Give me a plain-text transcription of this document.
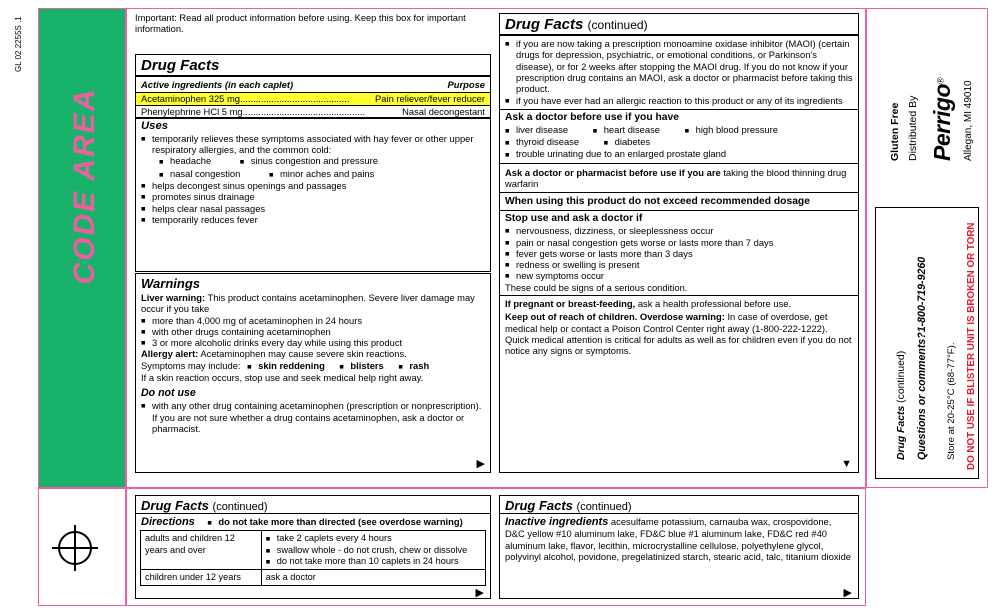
CODE AREA
GL 02 2255S .1	Important: Read all product information before using. Keep this box for important information.
Drug Facts
Active ingredients (in each caplet)	Purpose
Acetaminophen 325 mg..........................................	Pain reliever/fever reducer
Phenylephrine HCl 5 mg...............................................	Nasal decongestant
Uses
■ temporarily relieves these symptoms associated with hay fever or other upper respiratory allergies, and the common cold:
■headache ■	sinus congestion and pressure
■nasal congestion ■	minor aches and pains
■ helps decongest sinus openings and passages
■ promotes sinus drainage
■ helps clear nasal passages
■ temporarily reduces fever
Warnings
Liver warning: This product contains acetaminophen. Severe liver damage may occur if you take
■ more than 4,000 mg of acetaminophen in 24 hours
■ with other drugs containing acetaminophen
■ 3 or more alcoholic drinks every day while using this product
Allergy alert: Acetaminophen may cause severe skin reactions.
Symptoms may include: ■ skin reddening ■	blisters ■	rash
If a skin reaction occurs, stop use and seek medical help right away.
Do not use
■ with any other drug containing acetaminophen (prescription or nonprescription). If you are not sure whether a drug contains acetaminophen, ask a doctor or pharmacist.
▶
Drug Facts (continued)
■ if you are now taking a prescription monoamine oxidase inhibitor (MAOI) (certain drugs for depression, psychiatric, or emotional conditions, or Parkinson's disease), or for 2 weeks after stopping the MAOI drug. If you do not know if your prescription drug contains an MAOI, ask a doctor or pharmacist before taking this product.
■ if you have ever had an allergic reaction to this product or any of its ingredients
Ask a doctor before use if you have
■liver disease ■	heart disease ■	high blood pressure
■thyroid disease ■	diabetes
■trouble urinating due to an enlarged prostate gland
Ask a doctor or pharmacist before use if you are taking the blood thinning drug warfarin
When using this product do not exceed recommended dosage
Stop use and ask a doctor if
■ nervousness, dizziness, or sleeplessness occur
■ pain or nasal congestion gets worse or lasts more than 7 days
■ fever gets worse or lasts more than 3 days
■ redness or swelling is present
■ new symptoms occur
These could be signs of a serious condition.
If pregnant or breast-feeding, ask a health professional before use.
Keep out of reach of children. Overdose warning: In case of overdose, get medical help or contact a Poison Control Center right away (1-800-222-1222). Quick medical attention is critical for adults as well as for children even if you do not notice any signs or symptoms.
▼
Gluten Free Distributed By Perrigo®	Allegan, MI 49010
Drug Facts (continued) Questions or comments?1-800-719-9260
Store at 20-25°C (68-77°F). DO NOT USE IF BLISTER UNIT IS BROKEN OR TORN
Drug Facts (continued)
Directions ■	do not take more than directed (see overdose warning)
adults and children 12 years and over	
■take 2 caplets every 4 hours
■swallow whole - do not crush, chew or dissolve
■do not take more than 10 caplets in 24 hours

children under 12 years	ask a doctor
▶
Drug Facts (continued)
Inactive ingredients acesulfame potassium, carnauba wax, crospovidone, D&C yellow #10 aluminum lake, FD&C blue #1 aluminum lake, FD&C red #40 aluminum lake, flavor, lecithin, microcrystalline cellulose, polyethylene glycol, polyvinyl alcohol, povidone, pregelatinized starch, stearic acid, talc, titanium dioxide
▶
